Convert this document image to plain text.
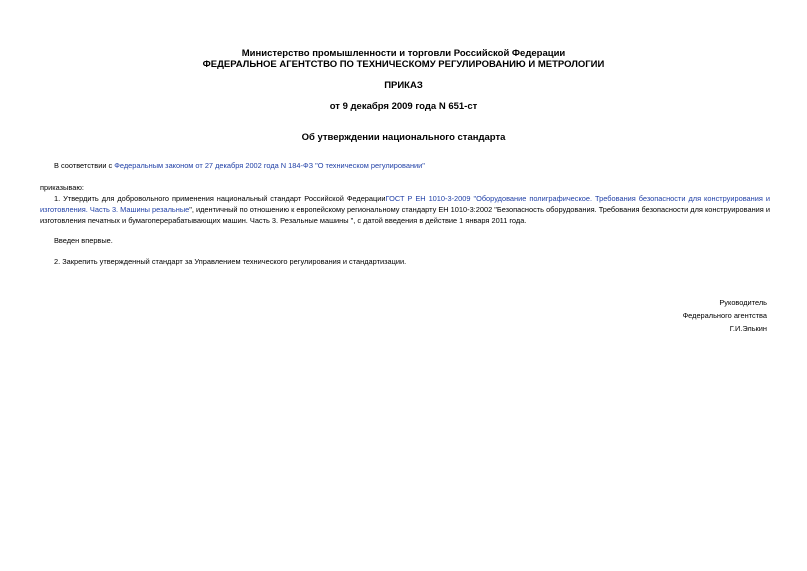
Министерство промышленности и торговли Российской Федерации
ФЕДЕРАЛЬНОЕ АГЕНТСТВО ПО ТЕХНИЧЕСКОМУ РЕГУЛИРОВАНИЮ И МЕТРОЛОГИИ
ПРИКАЗ
от 9 декабря 2009 года N 651-ст
Об утверждении национального стандарта
В соответствии с Федеральным законом от 27 декабря 2002 года N 184-ФЗ "О техническом регулировании"
приказываю:
1. Утвердить для добровольного применения национальный стандарт Российской ФедерацииГОСТ Р ЕН 1010-3-2009 "Оборудование полиграфическое. Требования безопасности для конструирования и
изготовления. Часть 3. Машины резальные", идентичный по отношению к европейскому региональному стандарту ЕН 1010-3:2002 "Безопасность оборудования. Требования безопасности для конструирования и
изготовления печатных и бумагоперерабатывающих машин. Часть 3. Резальные машины ", с датой введения в действие 1 января 2011 года.
Введен впервые.
2. Закрепить утвержденный стандарт за Управлением технического регулирования и стандартизации.
Руководитель
Федерального агентства
Г.И.Элькин
